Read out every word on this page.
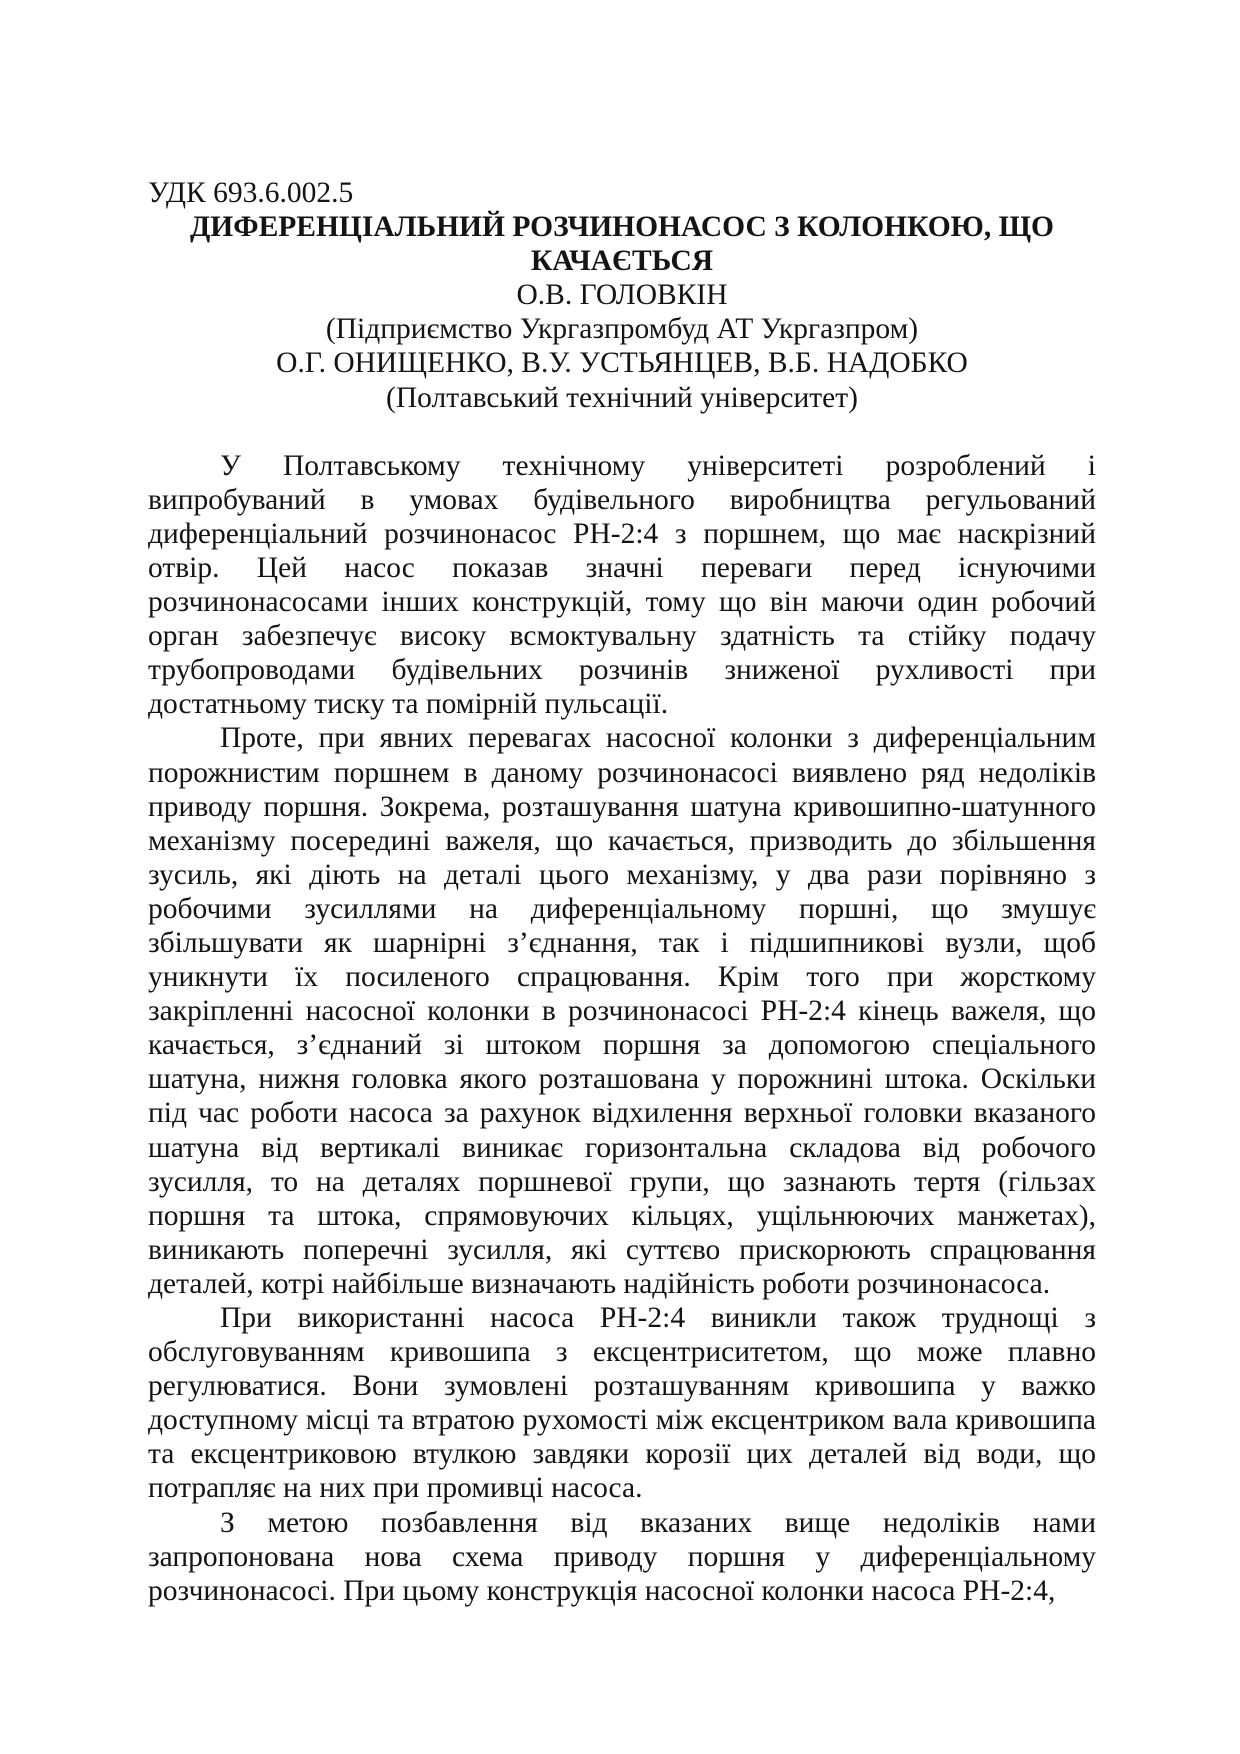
УДК 693.6.002.5

ДИФЕРЕНЦІАЛЬНИЙ РОЗЧИНОНАСОС З КОЛОНКОЮ, ЩО

КАЧАЄТЬСЯ

О.В. ГОЛОВКІН

(Підприємство Укргазпромбуд АТ Укргазпром)

О.Г. ОНИЩЕНКО, В.У. УСТЬЯНЦЕВ, В.Б. НАДОБКО

(Полтавський технічний університет)

У Полтавському технічному університеті розроблений і випробуваний в умовах будівельного виробництва регульований диференціальний розчинонасос РН-2:4 з поршнем, що має наскрізний отвір. Цей насос показав значні переваги перед існуючими розчинонасосами інших конструкцій, тому що він маючи один робочий орган забезпечує високу всмоктувальну здатність та стійку подачу трубопроводами будівельних розчинів зниженої рухливості при достатньому тиску та помірній пульсації.

Проте, при явних перевагах насосної колонки з диференціальним порожнистим поршнем в даному розчинонасосі виявлено ряд недоліків приводу поршня. Зокрема, розташування шатуна кривошипно-шатунного механізму посередині важеля, що качається, призводить до збільшення зусиль, які діють на деталі цього механізму, у два рази порівняно з робочими зусиллями на диференціальному поршні, що змушує збільшувати як шарнірні з’єднання, так і підшипникові вузли, щоб уникнути їх посиленого спрацювання. Крім того при жорсткому закріпленні насосної колонки в розчинонасосі РН-2:4 кінець важеля, що качається, з’єднаний зі штоком поршня за допомогою спеціального шатуна, нижня головка якого розташована у порожнині штока. Оскільки під час роботи насоса за рахунок відхилення верхньої головки вказаного шатуна від вертикалі виникає горизонтальна складова від робочого зусилля, то на деталях поршневої групи, що зазнають тертя (гільзах поршня та штока, спрямовуючих кільцях, ущільнюючих манжетах), виникають поперечні зусилля, які суттєво прискорюють спрацювання деталей, котрі найбільше визначають надійність роботи розчинонасоса.

При використанні насоса РН-2:4 виникли також труднощі з обслуговуванням кривошипа з ексцентриситетом, що може плавно регулюватися. Вони зумовлені розташуванням кривошипа у важко доступному місці та втратою рухомості між ексцентриком вала кривошипа та ексцентриковою втулкою завдяки корозії цих деталей від води, що потрапляє на них при промивці насоса.

З метою позбавлення від вказаних вище недоліків нами запропонована нова схема приводу поршня у диференціальному розчинонасосі. При цьому конструкція насосної колонки насоса РН-2:4,
